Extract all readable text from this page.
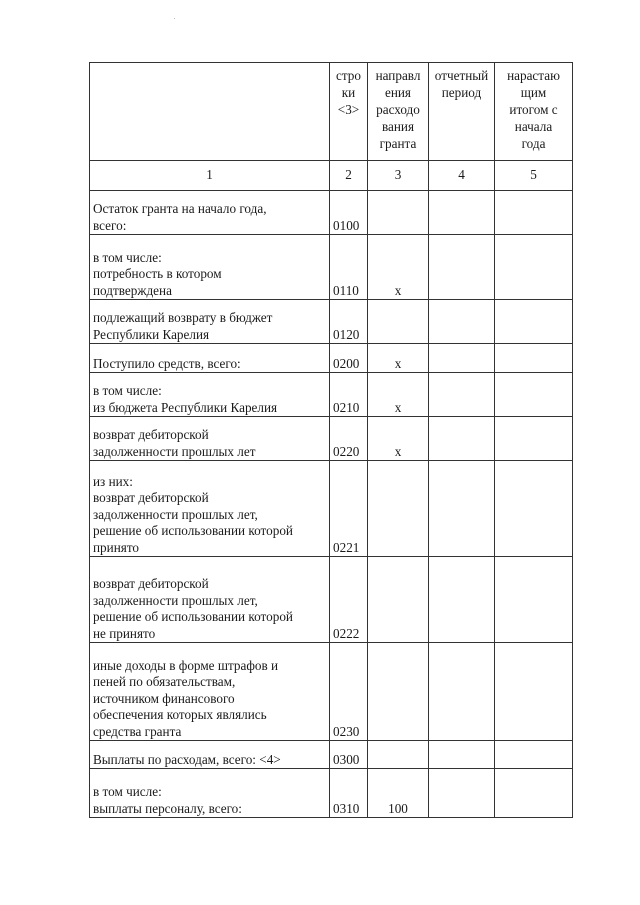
	стро
ки
<3>	направл
ения
расходо
вания
гранта	отчетный
период	нарастаю
щим
итогом с
начала
года

1	2	3	4	5

Остаток гранта на начало года,
всего:	0100			

в том числе:
потребность в котором
подтверждена	0110	x		

подлежащий возврату в бюджет
Республики Карелия	0120			

Поступило средств, всего:	0200	x		

в том числе:
из бюджета Республики Карелия	0210	x		

возврат дебиторской
задолженности прошлых лет	0220	x		

из них:
возврат дебиторской
задолженности прошлых лет,
решение об использовании которой
принято	0221			

возврат дебиторской
задолженности прошлых лет,
решение об использовании которой
не принято	0222			

иные доходы в форме штрафов и
пеней по обязательствам,
источником финансового
обеспечения которых являлись
средства гранта	0230			

Выплаты по расходам, всего: <4>	0300			

в том числе:
выплаты персоналу, всего:	0310	100		
